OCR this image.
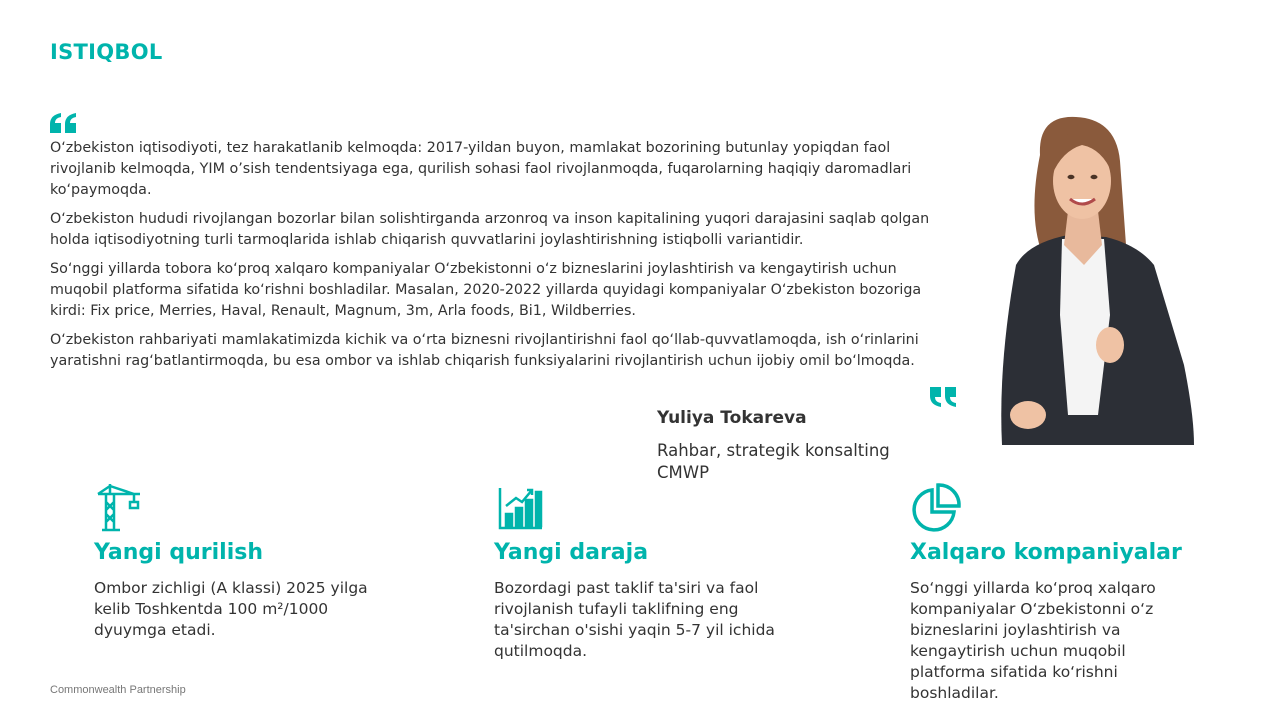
ISTIQBOL

O‘zbekiston iqtisodiyoti, tez harakatlanib kelmoqda: 2017-yildan buyon, mamlakat bozorining butunlay yopiqdan faol rivojlanib kelmoqda, YIM o’sish tendentsiyaga ega, qurilish sohasi faol rivojlanmoqda, fuqarolarning haqiqiy daromadlari ko‘paymoqda.

O‘zbekiston hududi rivojlangan bozorlar bilan solishtirganda arzonroq va inson kapitalining yuqori darajasini saqlab qolgan holda iqtisodiyotning turli tarmoqlarida ishlab chiqarish quvvatlarini joylashtirishning istiqbolli variantidir.

So‘nggi yillarda tobora ko‘proq xalqaro kompaniyalar O‘zbekistonni o‘z bizneslarini joylashtirish va kengaytirish uchun muqobil platforma sifatida ko‘rishni boshladilar. Masalan, 2020-2022 yillarda quyidagi kompaniyalar O‘zbekiston bozoriga kirdi: Fix price, Merries, Haval, Renault, Magnum, 3m, Arla foods, Bi1, Wildberries.

O‘zbekiston rahbariyati mamlakatimizda kichik va o‘rta biznesni rivojlantirishni faol qo‘llab-quvvatlamoqda, ish o‘rinlarini yaratishni rag‘batlantirmoqda, bu esa ombor va ishlab chiqarish funksiyalarini rivojlantirish uchun ijobiy omil bo‘lmoqda.

Yuliya Tokareva
Rahbar, strategik konsalting CMWP
Yangi qurilish
Ombor zichligi (A klassi) 2025 yilga kelib Toshkentda 100 m²/1000 dyuymga etadi.
Yangi daraja
Bozordagi past taklif ta'siri va faol rivojlanish tufayli taklifning eng ta'sirchan o'sishi yaqin 5-7 yil ichida qutilmoqda.
Xalqaro kompaniyalar
So‘nggi yillarda ko‘proq xalqaro kompaniyalar O‘zbekistonni o‘z bizneslarini joylashtirish va kengaytirish uchun muqobil platforma sifatida ko‘rishni boshladilar.
Commonwealth Partnership
